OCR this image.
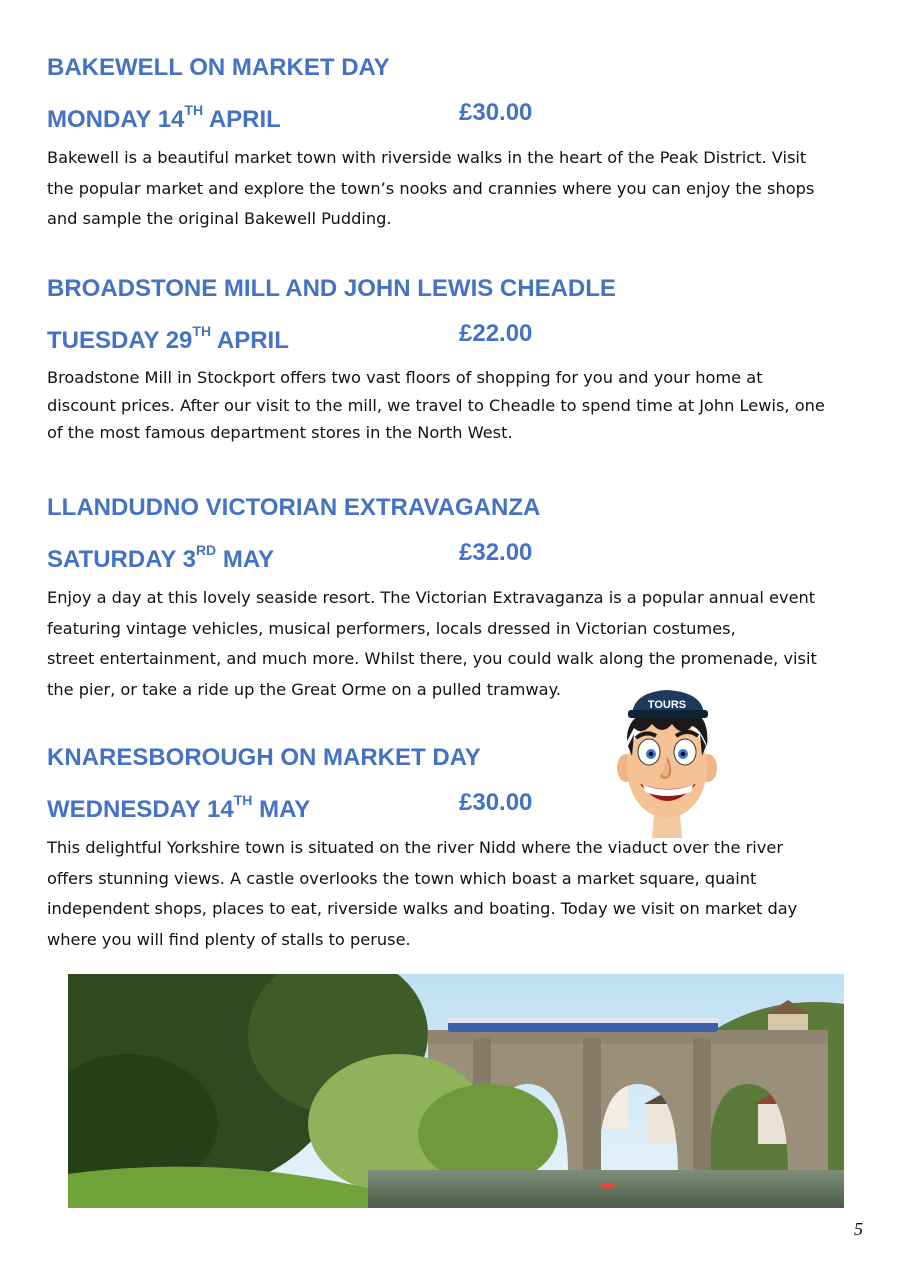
BAKEWELL ON MARKET DAY
MONDAY 14TH APRIL	£30.00

Bakewell is a beautiful market town with riverside walks in the heart of the Peak District. Visit
the popular market and explore the town’s nooks and crannies where you can enjoy the shops
and sample the original Bakewell Pudding.

BROADSTONE MILL AND JOHN LEWIS CHEADLE
TUESDAY 29TH APRIL	£22.00

Broadstone Mill in Stockport offers two vast floors of shopping for you and your home at
discount prices. After our visit to the mill, we travel to Cheadle to spend time at John Lewis, one
of the most famous department stores in the North West.

LLANDUDNO VICTORIAN EXTRAVAGANZA
SATURDAY 3RD MAY	£32.00

Enjoy a day at this lovely seaside resort. The Victorian Extravaganza is a popular annual event
featuring vintage vehicles, musical performers, locals dressed in Victorian costumes,
street entertainment, and much more. Whilst there, you could walk along the promenade, visit
the pier, or take a ride up the Great Orme on a pulled tramway.

KNARESBOROUGH ON MARKET DAY
WEDNESDAY 14TH MAY	£30.00

This delightful Yorkshire town is situated on the river Nidd where the viaduct over the river
offers stunning views. A castle overlooks the town which boast a market square, quaint
independent shops, places to eat, riverside walks and boating. Today we visit on market day
where you will find plenty of stalls to peruse.

TOURS
5
